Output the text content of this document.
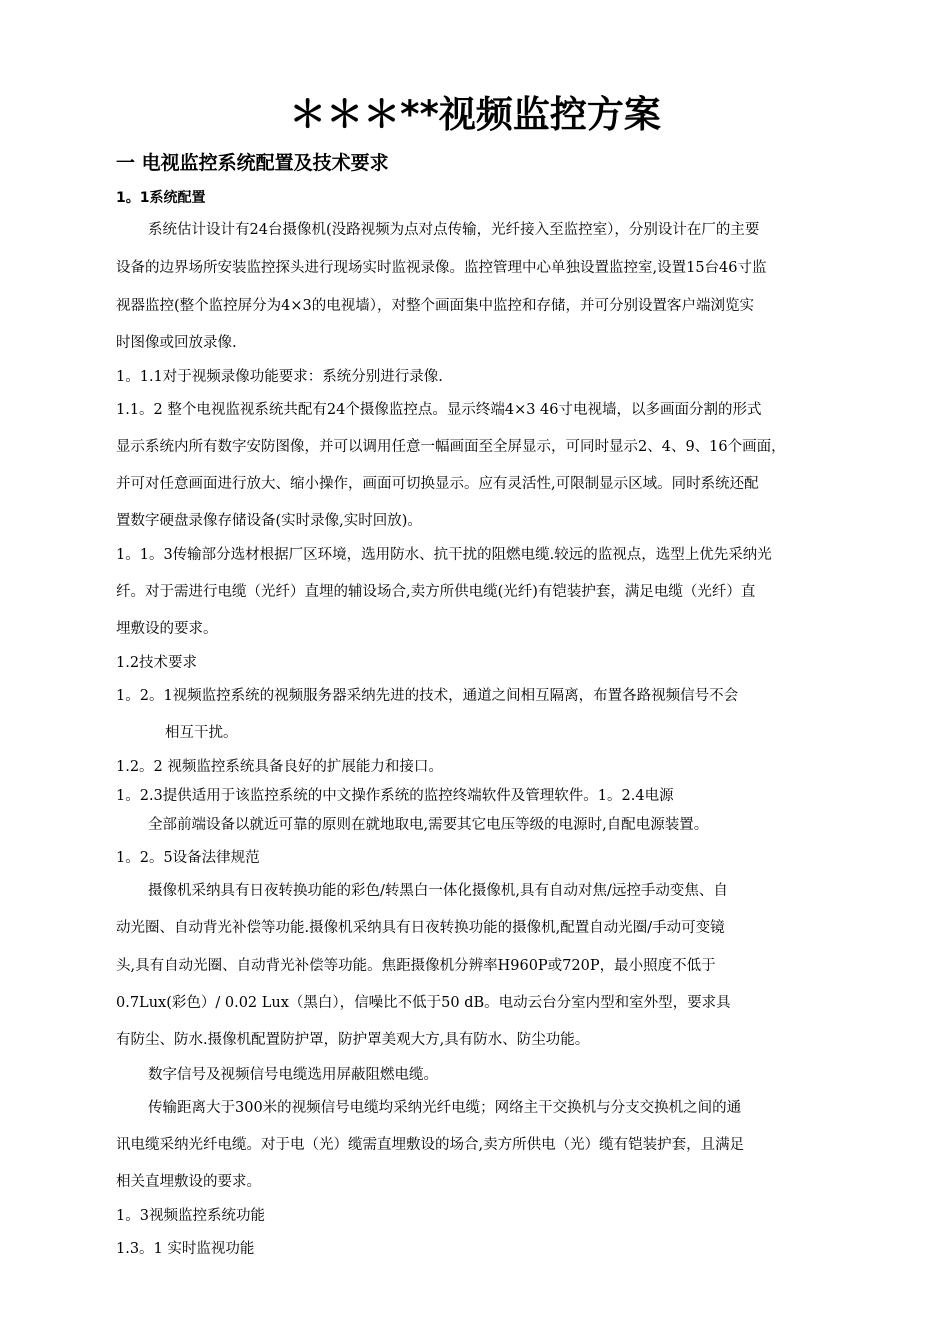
＊＊＊**视频监控方案
一 电视监控系统配置及技术要求
1。1系统配置
系统估计设计有24台摄像机(没路视频为点对点传输，光纤接入至监控室），分别设计在厂的主要
设备的边界场所安装监控探头进行现场实时监视录像。监控管理中心单独设置监控室,设置15台46寸监
视器监控(整个监控屏分为4×3的电视墙），对整个画面集中监控和存储，并可分别设置客户端浏览实
时图像或回放录像.
1。1.1对于视频录像功能要求：系统分别进行录像.
1.1。2 整个电视监视系统共配有24个摄像监控点。显示终端4×3 46寸电视墙，以多画面分割的形式
显示系统内所有数字安防图像，并可以调用任意一幅画面至全屏显示，可同时显示2、4、9、16个画面，
并可对任意画面进行放大、缩小操作，画面可切换显示。应有灵活性,可限制显示区域。同时系统还配
置数字硬盘录像存储设备(实时录像,实时回放)。
1。1。3传输部分选材根据厂区环境，选用防水、抗干扰的阻燃电缆.较远的监视点，选型上优先采纳光
纤。对于需进行电缆（光纤）直埋的辅设场合,卖方所供电缆(光纤)有铠装护套，满足电缆（光纤）直
埋敷设的要求。
1.2技术要求
1。2。1视频监控系统的视频服务器采纳先进的技术，通道之间相互隔离，布置各路视频信号不会
相互干扰。
1.2。2 视频监控系统具备良好的扩展能力和接口。
1。2.3提供适用于该监控系统的中文操作系统的监控终端软件及管理软件。1。2.4电源
全部前端设备以就近可靠的原则在就地取电,需要其它电压等级的电源时,自配电源装置。
1。2。5设备法律规范
摄像机采纳具有日夜转换功能的彩色/转黑白一体化摄像机,具有自动对焦/远控手动变焦、自
动光圈、自动背光补偿等功能.摄像机采纳具有日夜转换功能的摄像机,配置自动光圈/手动可变镜
头,具有自动光圈、自动背光补偿等功能。焦距摄像机分辨率H960P或720P，最小照度不低于
0.7Lux(彩色）/ 0.02 Lux（黑白），信噪比不低于50 dB。电动云台分室内型和室外型，要求具
有防尘、防水.摄像机配置防护罩，防护罩美观大方,具有防水、防尘功能。
数字信号及视频信号电缆选用屏蔽阻燃电缆。
传输距离大于300米的视频信号电缆均采纳光纤电缆；网络主干交换机与分支交换机之间的通
讯电缆采纳光纤电缆。对于电（光）缆需直埋敷设的场合,卖方所供电（光）缆有铠装护套，且满足
相关直埋敷设的要求。
1。3视频监控系统功能
1.3。1 实时监视功能
